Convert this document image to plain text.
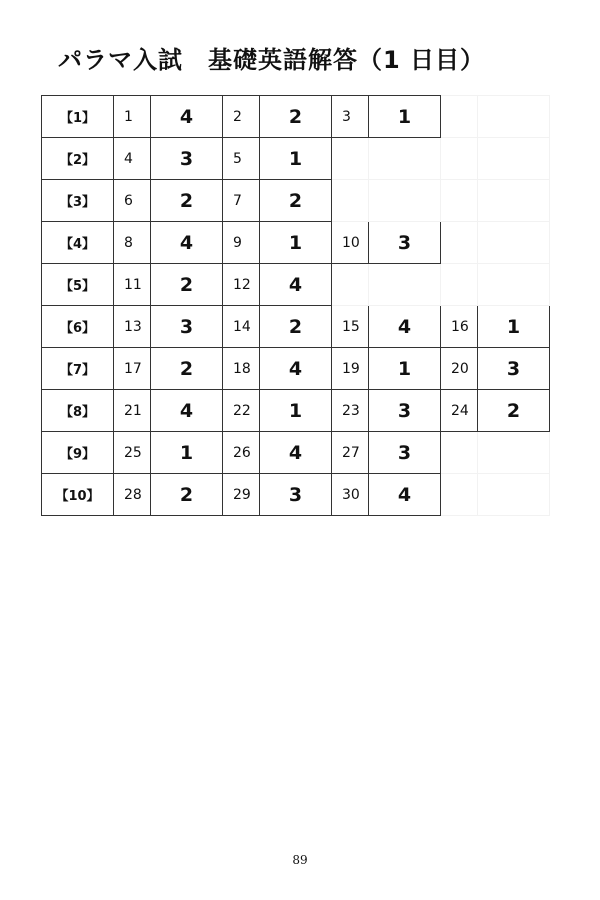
パラマ入試　基礎英語解答（1 日目）
【1】	1	4	2	2	3	1		
【2】	4	3	5	1				
【3】	6	2	7	2				
【4】	8	4	9	1	10	3		
【5】	11	2	12	4				
【6】	13	3	14	2	15	4	16	1
【7】	17	2	18	4	19	1	20	3
【8】	21	4	22	1	23	3	24	2
【9】	25	1	26	4	27	3		
【10】	28	2	29	3	30	4		
89
